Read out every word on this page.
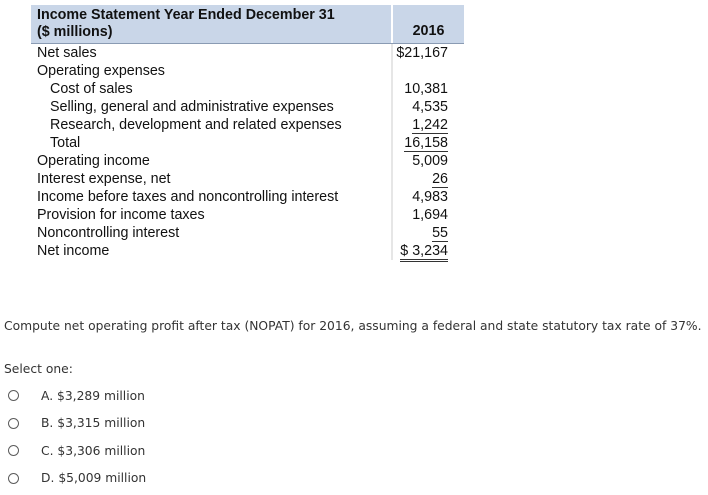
Income Statement Year Ended December 31
($ millions)	2016
Net sales
Operating expenses
Cost of sales
Selling, general and administrative expenses
Research, development and related expenses
Total
Operating income
Interest expense, net
Income before taxes and noncontrolling interest
Provision for income taxes
Noncontrolling interest
Net income
$21,167
10,381
4,535
1,242
16,158
5,009
26
4,983
1,694
55
$ 3,234
Compute net operating profit after tax (NOPAT) for 2016, assuming a federal and state statutory tax rate of 37%.
Select one:
A. $3,289 million
B. $3,315 million
C. $3,306 million
D. $5,009 million
